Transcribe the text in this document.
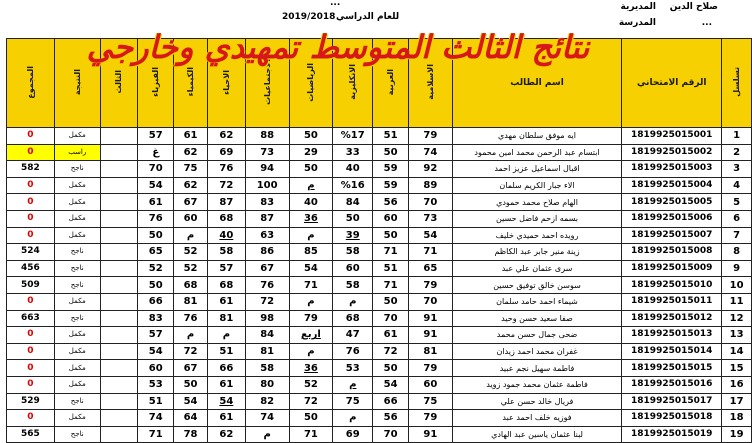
المديرية صلاح الدين
المدرسة	...
للعام الدراسي
2019/2018
...
نتائج الثالث المتوسط تمهيدي وخارجي
تسلسل	الرقم الامتحاني	اسم الطالب	الاسلامية	العربية	الانكليزية	الرياضيات	الاجتماعيات	الاحياء	الكيمياء	الفيزياء	الثالث	النتيجة	المجموع
1	1819925015001	ايه موفق سلطان مهدي	79	51	%17	50	88	62	61	57		مكمل	0
2	1819925015002	ابتسام عبد الرحمن محمد امين محمود	74	50	33	29	73	69	62	غ		راسب	0
3	1819925015003	اقبال اسماعيل عزيز احمد	92	59	40	50	94	76	75	70		ناجح	582
4	1819925015004	الاء جبار الكريم سلمان	89	59	%16	م	100	72	62	54		مكمل	0
5	1819925015005	الهام صلاح محمد حمودي	70	56	84	40	83	87	67	61		مكمل	0
6	1819925015006	بسمه ازحم فاضل حسين	73	60	50	36	87	68	60	76		مكمل	0
7	1819925015007	رويده احمد حميدي خليف	54	50	39	م	63	40	م	50		مكمل	0
8	1819925015008	زينة منير جابر عبد الكاظم	71	71	58	85	86	58	52	65		ناجح	524
9	1819925015009	سرى عثمان علي عبد	65	51	60	54	67	57	52	52		ناجح	456
10	1819925015010	سوسن خالق توفيق حسين	79	71	58	71	76	68	68	50		ناجح	509
11	1819925015011	شيماء احمد حامد سلمان	70	50	م	م	72	61	81	66		مكمل	0
12	1819925015012	صفا سعيد حسن وحيد	91	70	68	79	98	81	76	83		ناجح	663
13	1819925015013	ضحى جمال حسن محمد	91	61	47	اربع	84	م	م	57		مكمل	0
14	1819925015014	غفران محمد احمد زيدان	81	72	76	م	81	51	72	54		مكمل	0
15	1819925015015	فاطمة سهيل نجم عبيد	79	50	53	36	58	66	67	60		مكمل	0
16	1819925015016	فاطمة عثمان محمد جمود زويد	60	54	م	52	80	61	50	53		مكمل	0
17	1819925015017	فريال خالد حسن علي	75	66	75	72	82	54	54	51		ناجح	529
18	1819925015018	فوزيه خلف احمد عبد	79	56	م	50	74	61	64	74		مكمل	0
19	1819925015019	لبنا عثمان ياسين عبد الهادي	91	70	69	71	م	62	78	71		ناجح	565
